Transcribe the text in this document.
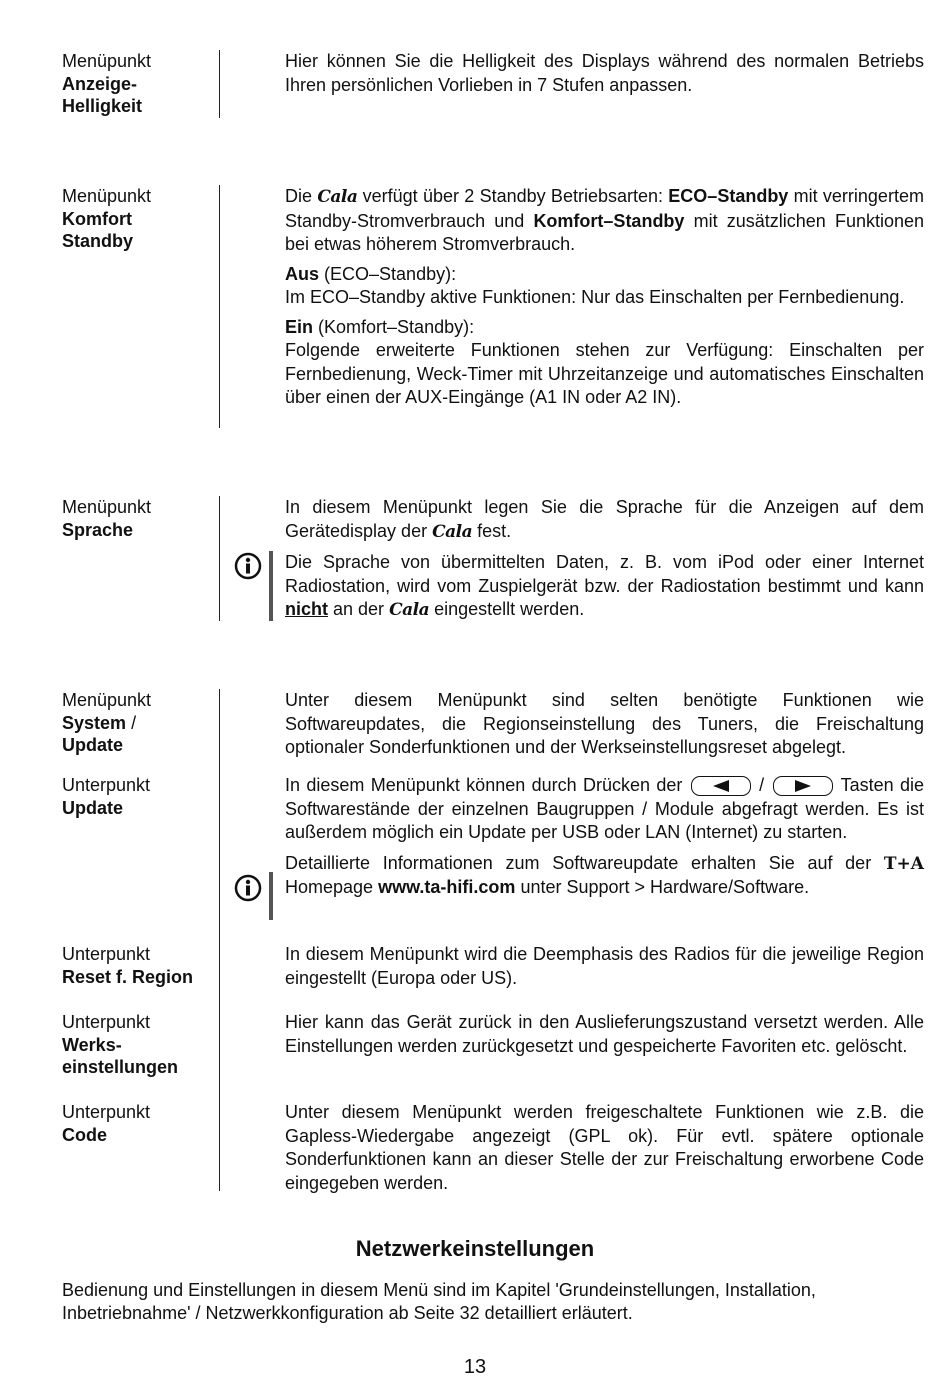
Menüpunkt
Anzeige-
Helligkeit

Hier können Sie die Helligkeit des Displays während des normalen Betriebs Ihren persönlichen Vorlieben in 7 Stufen anpassen.

Menüpunkt
Komfort
Standby

Die Cala verfügt über 2 Standby Betriebsarten: ECO–Standby mit verringertem Standby-Stromverbrauch und Komfort–Standby mit zusätzlichen Funktionen bei etwas höherem Stromverbrauch.

Aus (ECO–Standby):

Im ECO–Standby aktive Funktionen: Nur das Einschalten per Fernbedienung.

Ein (Komfort–Standby):

Folgende erweiterte Funktionen stehen zur Verfügung: Einschalten per Fernbedienung, Weck-Timer mit Uhrzeitanzeige und automatisches Einschalten über einen der AUX-Eingänge (A1 IN oder A2 IN).

Menüpunkt
Sprache

In diesem Menüpunkt legen Sie die Sprache für die Anzeigen auf dem Gerätedisplay der Cala fest.

Die Sprache von übermittelten Daten, z. B. vom iPod oder einer Internet Radiostation, wird vom Zuspielgerät bzw. der Radiostation bestimmt und kann nicht an der Cala eingestellt werden.

Menüpunkt
System /
Update

Unter diesem Menüpunkt sind selten benötigte Funktionen wie Softwareupdates, die Regionseinstellung des Tuners, die Freischaltung optionaler Sonderfunktionen und der Werkseinstellungsreset abgelegt.

Unterpunkt
Update

In diesem Menüpunkt können durch Drücken der	/	Tasten die Softwarestände der einzelnen Baugruppen / Module abgefragt werden. Es ist außerdem möglich ein Update per USB oder LAN (Internet) zu starten.

Detaillierte Informationen zum Softwareupdate erhalten Sie auf der T+A Homepage www.ta-hifi.com unter Support > Hardware/Software.

Unterpunkt
Reset f. Region

In diesem Menüpunkt wird die Deemphasis des Radios für die jeweilige Region eingestellt (Europa oder US).

Unterpunkt
Werks-
einstellungen

Hier kann das Gerät zurück in den Auslieferungszustand versetzt werden. Alle Einstellungen werden zurückgesetzt und gespeicherte Favoriten etc. gelöscht.

Unterpunkt
Code

Unter diesem Menüpunkt werden freigeschaltete Funktionen wie z.B. die Gapless-Wiedergabe angezeigt (GPL ok). Für evtl. spätere optionale Sonderfunktionen kann an dieser Stelle der zur Freischaltung erworbene Code eingegeben werden.

Netzwerkeinstellungen
Bedienung und Einstellungen in diesem Menü sind im Kapitel 'Grundeinstellungen, Installation, Inbetriebnahme' / Netzwerkkonfiguration ab Seite 32 detailliert erläutert.
13
